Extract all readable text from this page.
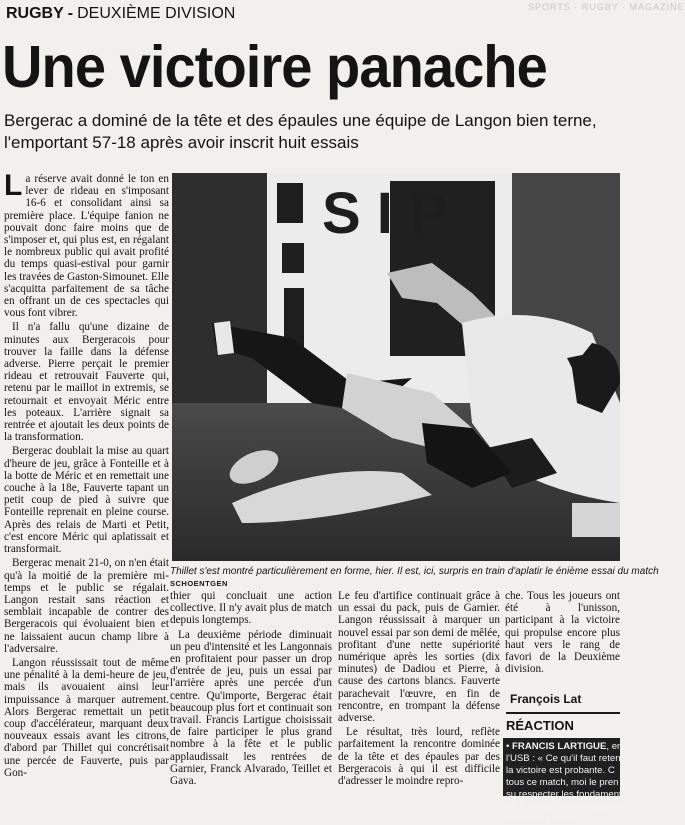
SPORTS · RUGBY · MAGAZINE
RUGBY - DEUXIÈME DIVISION
Une victoire panache
Bergerac a dominé de la tête et des épaules une équipe de Langon bien terne,
l'emportant 57-18 après avoir inscrit huit essais

La réserve avait donné le ton en lever de rideau en s'imposant 16-6 et consolidant ainsi sa première place. L'équipe fanion ne pouvait donc faire moins que de s'imposer et, qui plus est, en régalant le nombreux public qui avait profité du temps quasi-estival pour garnir les travées de Gaston-Simounet. Elle s'acquitta parfaitement de sa tâche en offrant un de ces spectacles qui vous font vibrer.

Il n'a fallu qu'une dizaine de minutes aux Bergeracois pour trouver la faille dans la défense adverse. Pierre perçait le premier rideau et retrouvait Fauverte qui, retenu par le maillot in extremis, se retournait et envoyait Méric entre les poteaux. L'arrière signait sa rentrée et ajoutait les deux points de la transformation.

Bergerac doublait la mise au quart d'heure de jeu, grâce à Fonteille et à la botte de Méric et en remettait une couche à la 18e, Fauverte tapant un petit coup de pied à suivre que Fonteille reprenait en pleine course. Après des relais de Marti et Petit, c'est encore Méric qui aplatissait et transformait.

Bergerac menait 21-0, on n'en était qu'à la moitié de la première mi-temps et le public se régalait. Langon restait sans réaction et semblait incapable de contrer des Bergeracois qui évoluaient bien et ne laissaient aucun champ libre à l'adversaire.

Langon réussissait tout de même une pénalité à la demi-heure de jeu, mais ils avouaient ainsi leur impuissance à marquer autrement. Alors Bergerac remettait un petit coup d'accélérateur, marquant deux nouveaux essais avant les citrons, d'abord par Thillet qui concrétisait une percée de Fauverte, puis par Gon-

S I P
Thillet s'est montré particulièrement en forme, hier. Il est, ici, surpris en train d'aplatir le énième essai du match
SCHOENTGEN

thier qui concluait une action collective. Il n'y avait plus de match depuis longtemps.

La deuxième période diminuait un peu d'intensité et les Langonnais en profitaient pour passer un drop d'entrée de jeu, puis un essai par l'arrière après une percée d'un centre. Qu'importe, Bergerac était beaucoup plus fort et continuait son travail. Francis Lartigue choisissait de faire participer le plus grand nombre à la fête et le public applaudissait les rentrées de Garnier, Franck Alvarado, Teillet et Gava.

Le feu d'artifice continuait grâce à un essai du pack, puis de Garnier. Langon réussissait à marquer un nouvel essai par son demi de mêlée, profitant d'une nette supériorité numérique après les sorties (dix minutes) de Dadiou et Pierre, à cause des cartons blancs. Fauverte parachevait l'œuvre, en fin de rencontre, en trompant la défense adverse.

Le résultat, très lourd, reflète parfaitement la rencontre dominée de la tête et des épaules par des Bergeracois à qui il est difficile d'adresser le moindre repro-

che. Tous les joueurs ont été à l'unisson, participant à la victoire qui propulse encore plus haut vers le rang de favori de la Deuxième division.

François Lat
RÉACTION
• FRANCIS LARTIGUE, en
l'USB : « Ce qu'il faut reten
la victoire est probante. C
tous ce match, moi le pren
su respecter les fondament
on a envie, on est capable c
cellentes choses. »
